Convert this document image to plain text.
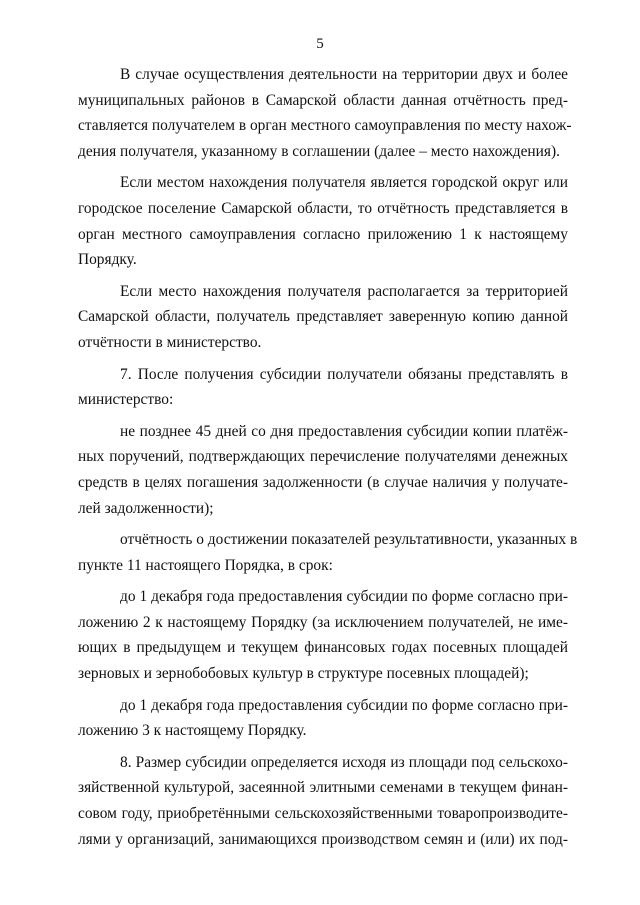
5

В случае осуществления деятельности на территории двух и более
муниципальных районов в Самарской области данная отчётность пред-
ставляется получателем в орган местного самоуправления по месту нахож-
дения получателя, указанному в соглашении (далее – место нахождения).

Если местом нахождения получателя является городской округ или
городское поселение Самарской области, то отчётность представляется в
орган местного самоуправления согласно приложению 1 к настоящему
Порядку.

Если место нахождения получателя располагается за территорией
Самарской области, получатель представляет заверенную копию данной
отчётности в министерство.

7. После получения субсидии получатели обязаны представлять в
министерство:

не позднее 45 дней со дня предоставления субсидии копии платёж-
ных поручений, подтверждающих перечисление получателями денежных
средств в целях погашения задолженности (в случае наличия у получате-
лей задолженности);

отчётность о достижении показателей результативности, указанных в
пункте 11 настоящего Порядка, в срок:

до 1 декабря года предоставления субсидии по форме согласно при-
ложению 2 к настоящему Порядку (за исключением получателей, не име-
ющих в предыдущем и текущем финансовых годах посевных площадей
зерновых и зернобобовых культур в структуре посевных площадей);

до 1 декабря года предоставления субсидии по форме согласно при-
ложению 3 к настоящему Порядку.

8. Размер субсидии определяется исходя из площади под сельскохо-
зяйственной культурой, засеянной элитными семенами в текущем финан-
совом году, приобретёнными сельскохозяйственными товаропроизводите-
лями у организаций, занимающихся производством семян и (или) их под-
